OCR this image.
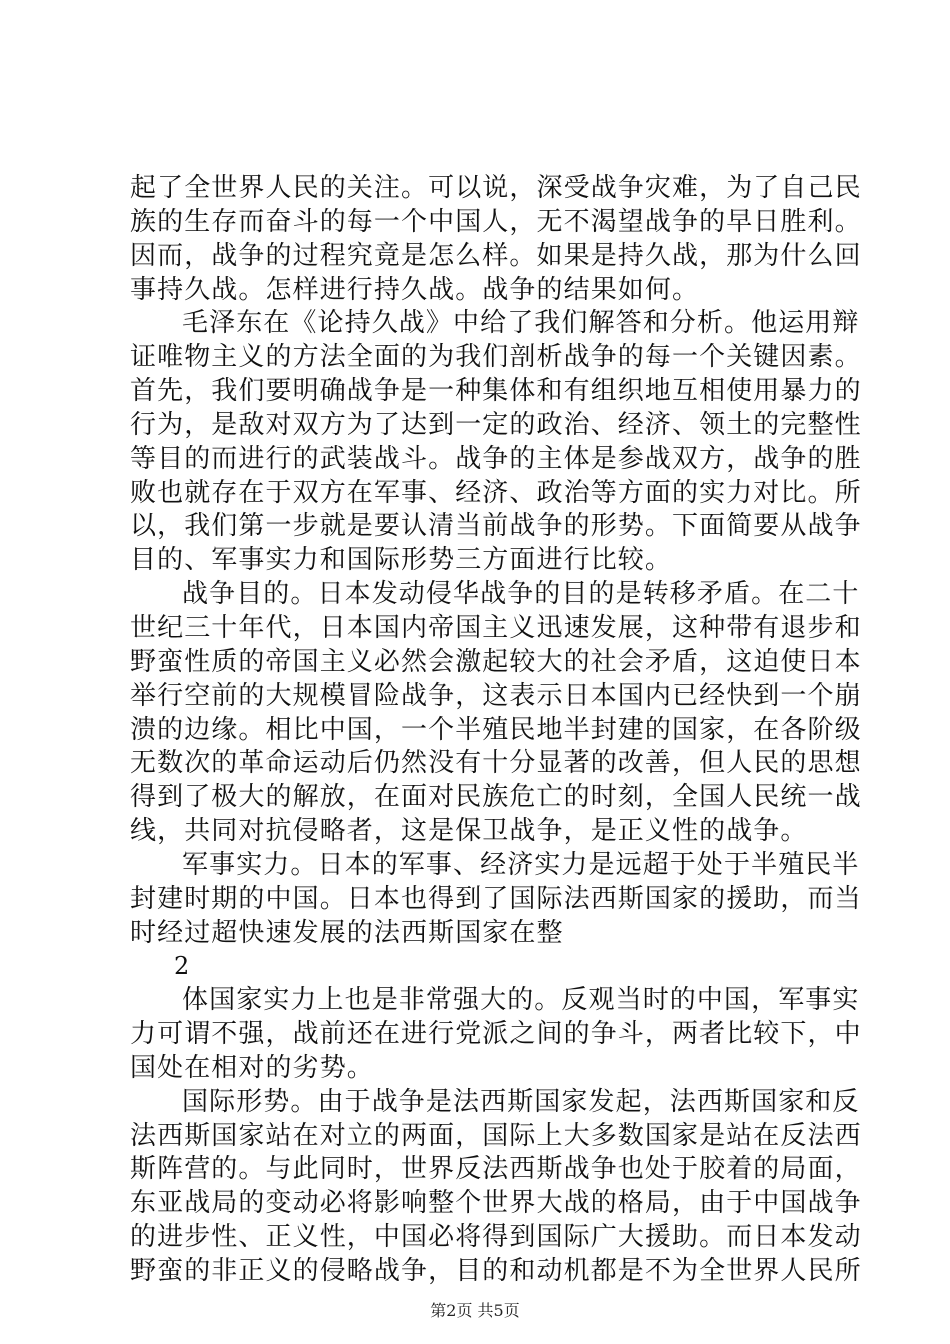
起了全世界人民的关注。可以说，深受战争灾难，为了自己民
族的生存而奋斗的每一个中国人，无不渴望战争的早日胜利。
因而，战争的过程究竟是怎么样。如果是持久战，那为什么回
事持久战。怎样进行持久战。战争的结果如何。
毛泽东在《论持久战》中给了我们解答和分析。他运用辩
证唯物主义的方法全面的为我们剖析战争的每一个关键因素。
首先，我们要明确战争是一种集体和有组织地互相使用暴力的
行为，是敌对双方为了达到一定的政治、经济、领土的完整性
等目的而进行的武装战斗。战争的主体是参战双方，战争的胜
败也就存在于双方在军事、经济、政治等方面的实力对比。所
以，我们第一步就是要认清当前战争的形势。下面简要从战争
目的、军事实力和国际形势三方面进行比较。
战争目的。日本发动侵华战争的目的是转移矛盾。在二十
世纪三十年代，日本国内帝国主义迅速发展，这种带有退步和
野蛮性质的帝国主义必然会激起较大的社会矛盾，这迫使日本
举行空前的大规模冒险战争，这表示日本国内已经快到一个崩
溃的边缘。相比中国，一个半殖民地半封建的国家，在各阶级
无数次的革命运动后仍然没有十分显著的改善，但人民的思想
得到了极大的解放，在面对民族危亡的时刻，全国人民统一战
线，共同对抗侵略者，这是保卫战争，是正义性的战争。
军事实力。日本的军事、经济实力是远超于处于半殖民半
封建时期的中国。日本也得到了国际法西斯国家的援助，而当
时经过超快速发展的法西斯国家在整
2
体国家实力上也是非常强大的。反观当时的中国，军事实
力可谓不强，战前还在进行党派之间的争斗，两者比较下，中
国处在相对的劣势。
国际形势。由于战争是法西斯国家发起，法西斯国家和反
法西斯国家站在对立的两面，国际上大多数国家是站在反法西
斯阵营的。与此同时，世界反法西斯战争也处于胶着的局面，
东亚战局的变动必将影响整个世界大战的格局，由于中国战争
的进步性、正义性，中国必将得到国际广大援助。而日本发动
野蛮的非正义的侵略战争，目的和动机都是不为全世界人民所
第2页 共5页
